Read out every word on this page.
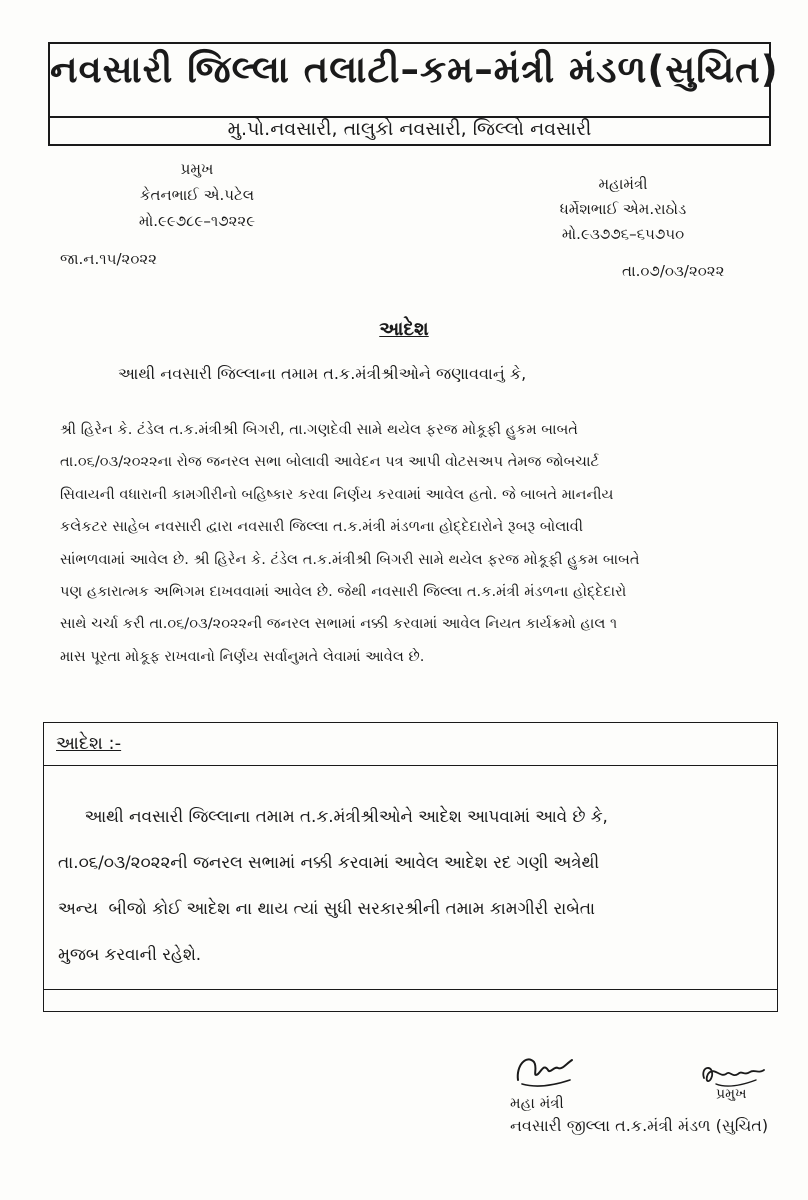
નવસારી જિલ્લા તલાટી–કમ–મંત્રી મંડળ(સુચિત)
મુ.પો.નવસારી, તાલુકો નવસારી, જિલ્લો નવસારી
પ્રમુખ
કેતનભાઈ એ.પટેલ
મો.૯૯૭૮૯–૧૭૨૨૯
મહામંત્રી
ધર્મેશભાઈ એમ.રાઠોડ
મો.૯૩૭૭૬–૬૫૭૫૦
જા.ન.૧૫/૨૦૨૨
તા.૦૭/૦૩/૨૦૨૨
આદેશ
આથી નવસારી જિલ્લાના તમામ ત.ક.મંત્રીશ્રીઓને જણાવવાનું કે,
શ્રી હિરેન કે. ટંડેલ ત.ક.મંત્રીશ્રી બિગરી, તા.ગણદેવી સામે થયેલ ફરજ મોકૂફી હુકમ બાબતે
તા.૦૬/૦૩/૨૦૨૨ના રોજ જનરલ સભા બોલાવી આવેદન પત્ર આપી વોટસઅપ તેમજ જોબચાર્ટ
સિવાયની વધારાની કામગીરીનો બહિષ્કાર કરવા નિર્ણય કરવામાં આવેલ હતો. જે બાબતે માનનીય
કલેકટર સાહેબ નવસારી દ્વારા નવસારી જિલ્લા ત.ક.મંત્રી મંડળના હોદ્દેદારોને રૂબરૂ બોલાવી
સાંભળવામાં આવેલ છે. શ્રી હિરેન કે. ટંડેલ ત.ક.મંત્રીશ્રી બિગરી સામે થયેલ ફરજ મોકૂફી હુકમ બાબતે
પણ હકારાત્મક અભિગમ દાખવવામાં આવેલ છે. જેથી નવસારી જિલ્લા ત.ક.મંત્રી મંડળના હોદ્દેદારો
સાથે ચર્ચા કરી તા.૦૬/૦૩/૨૦૨૨ની જનરલ સભામાં નક્કી કરવામાં આવેલ નિયત કાર્યક્રમો હાલ ૧
માસ પૂરતા મોકૂફ રાખવાનો નિર્ણય સર્વાનુમતે લેવામાં આવેલ છે.
આદેશ :-
આથી નવસારી જિલ્લાના તમામ ત.ક.મંત્રીશ્રીઓને આદેશ આપવામાં આવે છે કે,
તા.૦૬/૦૩/૨૦૨૨ની જનરલ સભામાં નક્કી કરવામાં આવેલ આદેશ રદ ગણી અત્રેથી
અન્ય  બીજો કોઈ આદેશ ના થાય ત્યાં સુધી સરકારશ્રીની તમામ કામગીરી રાબેતા
મુજબ કરવાની રહેશે.
મહા મંત્રી	પ્રમુખ
નવસારી જીલ્લા ત.ક.મંત્રી મંડળ (સુચિત)
